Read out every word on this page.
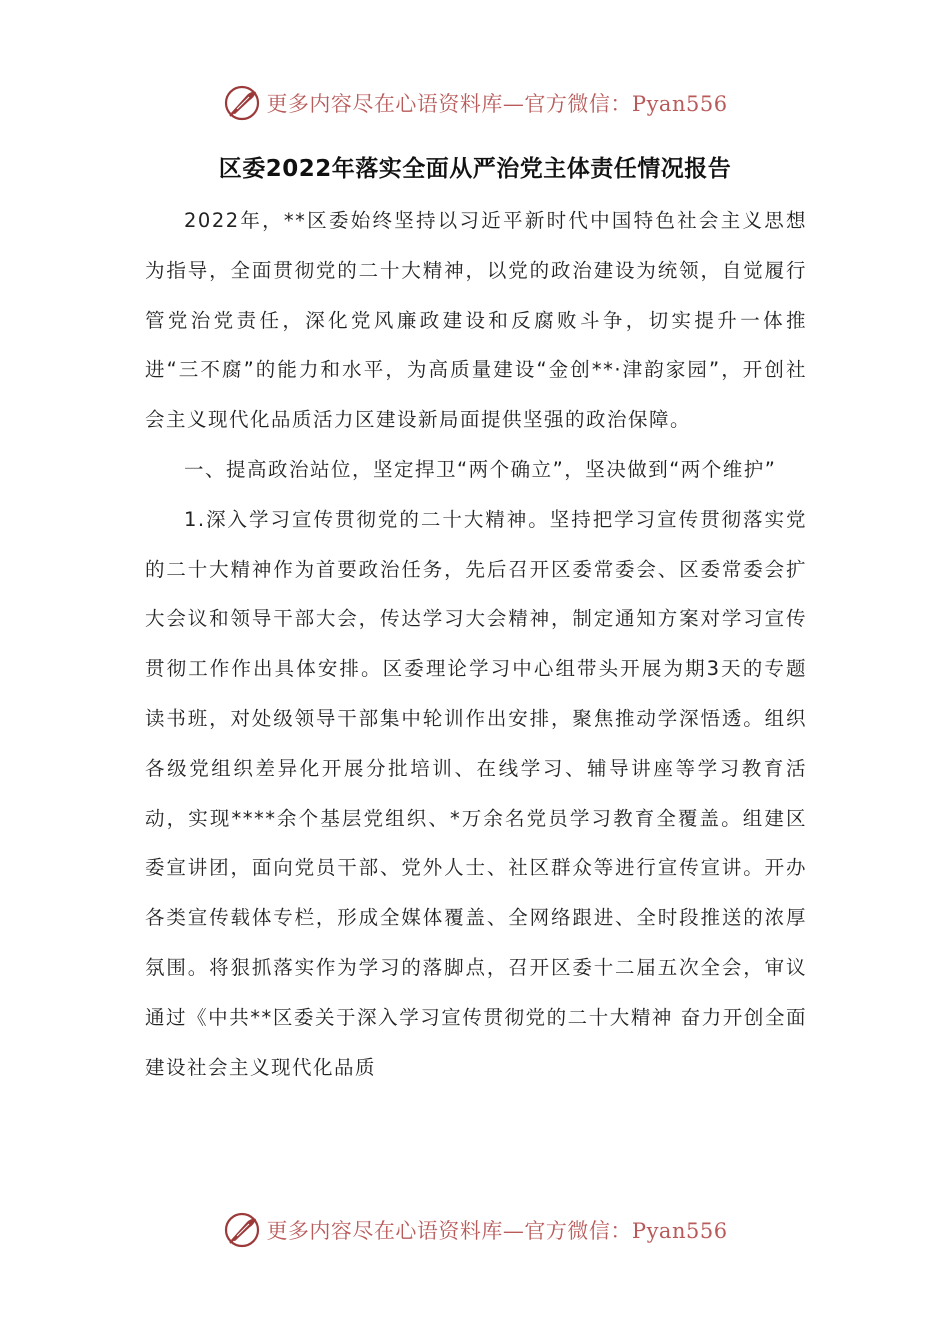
更多内容尽在心语资料库—官方微信：Pyan556
区委2022年落实全面从严治党主体责任情况报告

2022年，**区委始终坚持以习近平新时代中国特色社会主义思想为指导，全面贯彻党的二十大精神，以党的政治建设为统领，自觉履行管党治党责任，深化党风廉政建设和反腐败斗争，切实提升一体推进“三不腐”的能力和水平，为高质量建设“金创**·津韵家园”，开创社会主义现代化品质活力区建设新局面提供坚强的政治保障。

一、提高政治站位，坚定捍卫“两个确立”，坚决做到“两个维护”

1.深入学习宣传贯彻党的二十大精神。坚持把学习宣传贯彻落实党的二十大精神作为首要政治任务，先后召开区委常委会、区委常委会扩大会议和领导干部大会，传达学习大会精神，制定通知方案对学习宣传贯彻工作作出具体安排。区委理论学习中心组带头开展为期3天的专题读书班，对处级领导干部集中轮训作出安排，聚焦推动学深悟透。组织各级党组织差异化开展分批培训、在线学习、辅导讲座等学习教育活动，实现****余个基层党组织、*万余名党员学习教育全覆盖。组建区委宣讲团，面向党员干部、党外人士、社区群众等进行宣传宣讲。开办各类宣传载体专栏，形成全媒体覆盖、全网络跟进、全时段推送的浓厚氛围。将狠抓落实作为学习的落脚点，召开区委十二届五次全会，审议通过《中共**区委关于深入学习宣传贯彻党的二十大精神 奋力开创全面建设社会主义现代化品质

更多内容尽在心语资料库—官方微信：Pyan556
